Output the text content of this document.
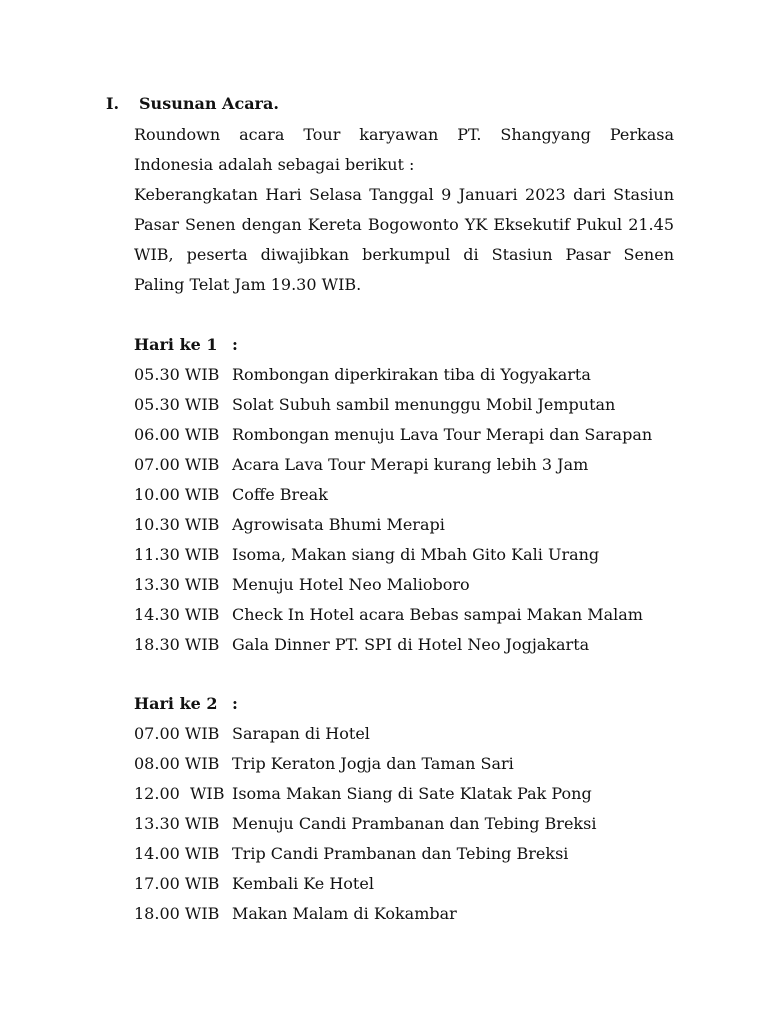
I. Susunan Acara.

Roundown acara Tour karyawan PT. Shangyang Perkasa Indonesia adalah sebagai berikut :

Keberangkatan Hari Selasa Tanggal 9 Januari 2023 dari Stasiun Pasar Senen dengan Kereta Bogowonto YK Eksekutif Pukul 21.45 WIB, peserta diwajibkan berkumpul di Stasiun Pasar Senen Paling Telat Jam 19.30 WIB.

Hari ke 1 :
05.30 WIB Rombongan diperkirakan tiba di Yogyakarta
05.30 WIB Solat Subuh sambil menunggu Mobil Jemputan
06.00 WIB Rombongan menuju Lava Tour Merapi dan Sarapan
07.00 WIB Acara Lava Tour Merapi kurang lebih 3 Jam
10.00 WIB Coffe Break
10.30 WIB Agrowisata Bhumi Merapi
11.30 WIB Isoma, Makan siang di Mbah Gito Kali Urang
13.30 WIB Menuju Hotel Neo Malioboro
14.30 WIB Check In Hotel acara Bebas sampai Makan Malam
18.30 WIB Gala Dinner PT. SPI di Hotel Neo Jogjakarta
Hari ke 2 :
07.00 WIB Sarapan di Hotel
08.00 WIB Trip Keraton Jogja dan Taman Sari
12.00  WIB Isoma Makan Siang di Sate Klatak Pak Pong
13.30 WIB Menuju Candi Prambanan dan Tebing Breksi
14.00 WIB Trip Candi Prambanan dan Tebing Breksi
17.00 WIB Kembali Ke Hotel
18.00 WIB Makan Malam di Kokambar
